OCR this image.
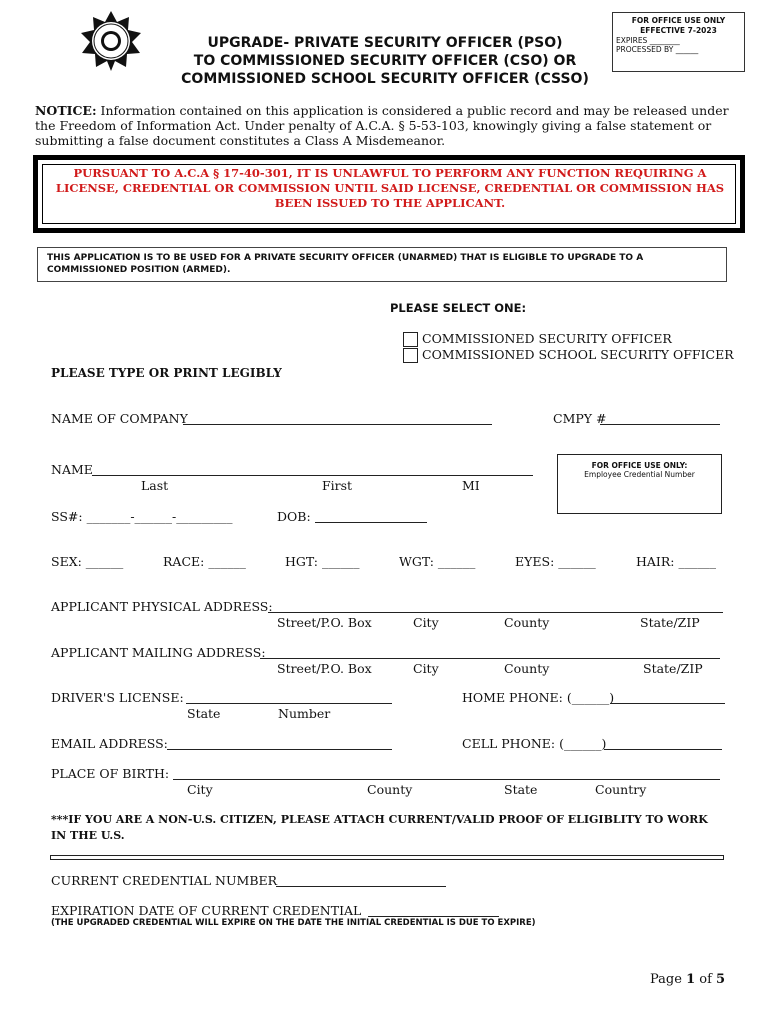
UPGRADE- PRIVATE SECURITY OFFICER (PSO)
TO COMMISSIONED SECURITY OFFICER (CSO) OR
COMMISSIONED SCHOOL SECURITY OFFICER (CSSO)
FOR OFFICE USE ONLY
EFFECTIVE 7-2023
EXPIRES ________
PROCESSED BY ______
NOTICE: Information contained on this application is considered a public record and may be released under the Freedom of Information Act. Under penalty of A.C.A. § 5-53-103, knowingly giving a false statement or submitting a false document constitutes a Class A Misdemeanor.
PURSUANT TO A.C.A § 17-40-301, IT IS UNLAWFUL TO PERFORM ANY FUNCTION REQUIRING A LICENSE, CREDENTIAL OR COMMISSION UNTIL SAID LICENSE, CREDENTIAL OR COMMISSION HAS BEEN ISSUED TO THE APPLICANT.
THIS APPLICATION IS TO BE USED FOR A PRIVATE SECURITY OFFICER (UNARMED) THAT IS ELIGIBLE TO UPGRADE TO A COMMISSIONED POSITION (ARMED).
PLEASE SELECT ONE:
COMMISSIONED SECURITY OFFICER
COMMISSIONED SCHOOL SECURITY OFFICER
PLEASE TYPE OR PRINT LEGIBLY
NAME OF COMPANY	CMPY #
NAME
Last	First	MI
FOR OFFICE USE ONLY:
Employee Credential Number
SS#: _______-______-_________	DOB:
SEX: ______	RACE: ______	HGT: ______	WGT: ______	EYES: ______	HAIR: ______
APPLICANT PHYSICAL ADDRESS:
Street/P.O. Box	City	County	State/ZIP
APPLICANT MAILING ADDRESS:
Street/P.O. Box	City	County	State/ZIP
DRIVER'S LICENSE:
State	Number
HOME PHONE: (______)
EMAIL ADDRESS:	CELL PHONE: (______)
PLACE OF BIRTH:
City	County	State	Country
***IF YOU ARE A NON-U.S. CITIZEN, PLEASE ATTACH CURRENT/VALID PROOF OF ELIGIBLITY TO WORK IN THE U.S.
CURRENT CREDENTIAL NUMBER
EXPIRATION DATE OF CURRENT CREDENTIAL
(THE UPGRADED CREDENTIAL WILL EXPIRE ON THE DATE THE INITIAL CREDENTIAL IS DUE TO EXPIRE)
Page 1 of 5
